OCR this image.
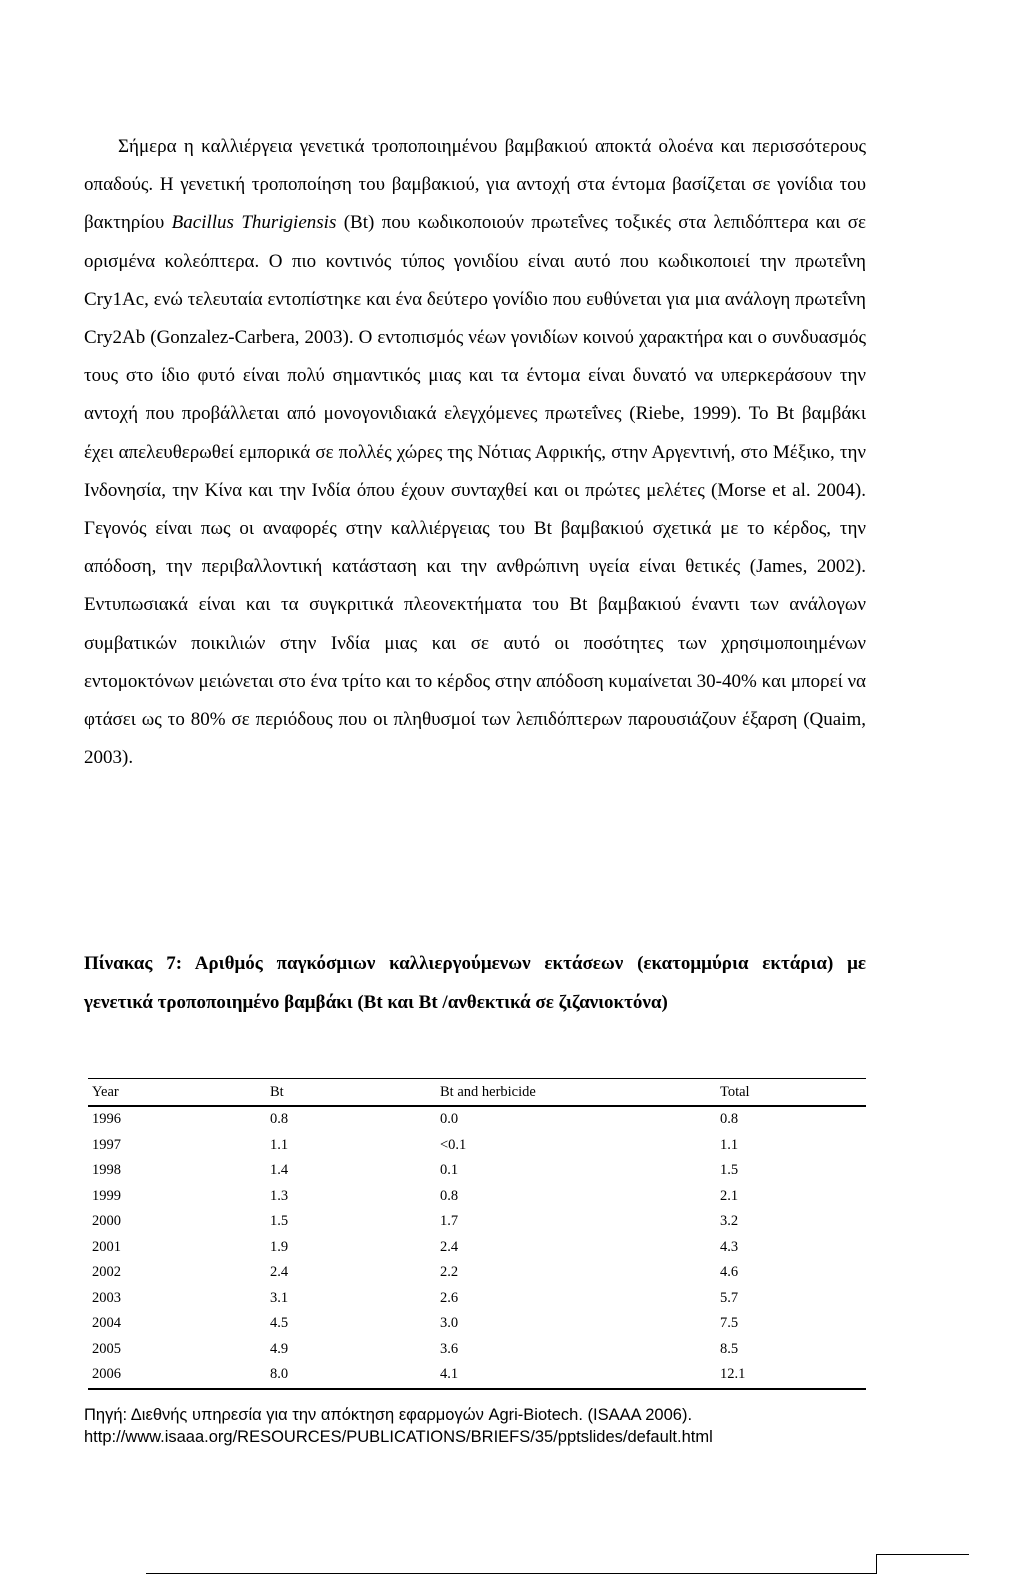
Σήμερα η καλλιέργεια γενετικά τροποποιημένου βαμβακιού αποκτά ολοένα και περισσότερους οπαδούς. Η γενετική τροποποίηση του βαμβακιού, για αντοχή στα έντομα βασίζεται σε γονίδια του βακτηρίου Bacillus Thurigiensis (Bt) που κωδικοποιούν πρωτεΐνες τοξικές στα λεπιδόπτερα και σε ορισμένα κολεόπτερα. Ο πιο κοντινός τύπος γονιδίου είναι αυτό που κωδικοποιεί την πρωτεΐνη Cry1Ac, ενώ τελευταία εντοπίστηκε και ένα δεύτερο γονίδιο που ευθύνεται για μια ανάλογη πρωτεΐνη Cry2Ab (Gonzalez-Carbera, 2003). Ο εντοπισμός νέων γονιδίων κοινού χαρακτήρα και ο συνδυασμός τους στο ίδιο φυτό είναι πολύ σημαντικός μιας και τα έντομα είναι δυνατό να υπερκεράσουν την αντοχή που προβάλλεται από μονογονιδιακά ελεγχόμενες πρωτεΐνες (Riebe, 1999). Το Bt βαμβάκι έχει απελευθερωθεί εμπορικά σε πολλές χώρες της Νότιας Αφρικής, στην Αργεντινή, στο Μέξικο, την Ινδονησία, την Κίνα και την Ινδία όπου έχουν συνταχθεί και οι πρώτες μελέτες (Morse et al. 2004). Γεγονός είναι πως οι αναφορές στην καλλιέργειας του Bt βαμβακιού σχετικά με το κέρδος, την απόδοση, την περιβαλλοντική κατάσταση και την ανθρώπινη υγεία είναι θετικές (James, 2002). Εντυπωσιακά είναι και τα συγκριτικά πλεονεκτήματα του Bt βαμβακιού έναντι των ανάλογων συμβατικών ποικιλιών στην Ινδία μιας και σε αυτό οι ποσότητες των χρησιμοποιημένων εντομοκτόνων μειώνεται στο ένα τρίτο και το κέρδος στην απόδοση κυμαίνεται 30-40% και μπορεί να φτάσει ως το 80% σε περιόδους που οι πληθυσμοί των λεπιδόπτερων παρουσιάζουν έξαρση (Quaim, 2003).
Πίνακας 7: Αριθμός παγκόσμιων καλλιεργούμενων εκτάσεων (εκατομμύρια εκτάρια) με γενετικά τροποποιημένο βαμβάκι (Bt και Bt /ανθεκτικά σε ζιζανιοκτόνα)
Year	Bt	Bt and herbicide	Total
1996	0.8	0.0	0.8
1997	1.1	<0.1	1.1
1998	1.4	0.1	1.5
1999	1.3	0.8	2.1
2000	1.5	1.7	3.2
2001	1.9	2.4	4.3
2002	2.4	2.2	4.6
2003	3.1	2.6	5.7
2004	4.5	3.0	7.5
2005	4.9	3.6	8.5
2006	8.0	4.1	12.1
Πηγή: Διεθνής υπηρεσία για την απόκτηση εφαρμογών Agri-Biotech. (ISAAA 2006).
http://www.isaaa.org/RESOURCES/PUBLICATIONS/BRIEFS/35/pptslides/default.html
